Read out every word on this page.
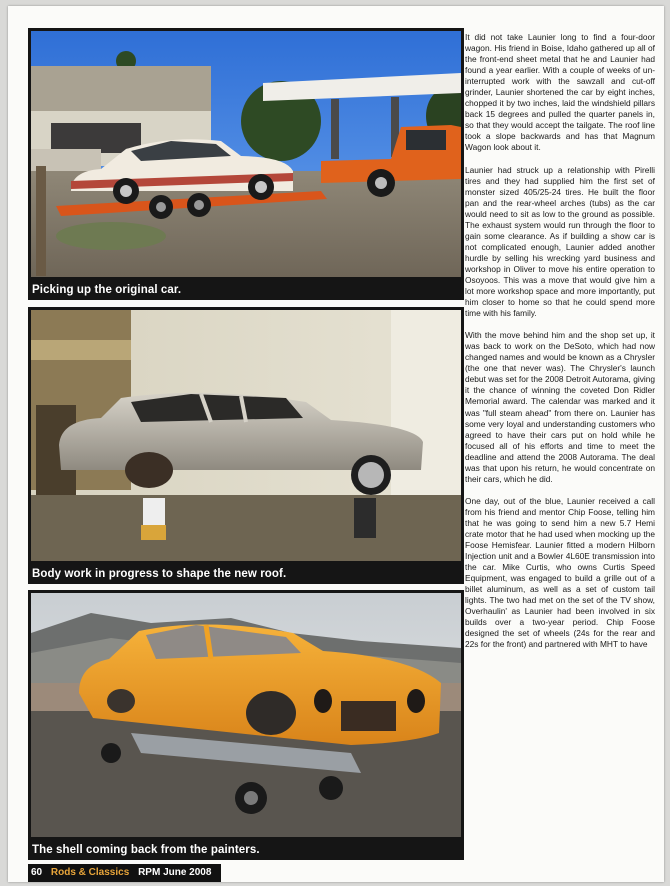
Picking up the original car.
Body work in progress to shape the new roof.
The shell coming back from the painters.

It did not take Launier long to find a four-door wagon. His friend in Boise, Idaho gathered up all of the front-end sheet metal that he and Launier had found a year earlier. With a couple of weeks of un-interrupted work with the sawzall and cut-off grinder, Launier shortened the car by eight inches, chopped it by two inches, laid the windshield pillars back 15 degrees and pulled the quarter panels in, so that they would accept the tailgate. The roof line took a slope backwards and has that Magnum Wagon look about it.

Launier had struck up a relationship with Pirelli tires and they had supplied him the first set of monster sized 405/25-24 tires. He built the floor pan and the rear-wheel arches (tubs) as the car would need to sit as low to the ground as possible. The exhaust system would run through the floor to gain some clearance. As if building a show car is not complicated enough, Launier added another hurdle by selling his wrecking yard business and workshop in Oliver to move his entire operation to Osoyoos. This was a move that would give him a lot more workshop space and more importantly, put him closer to home so that he could spend more time with his family.

With the move behind him and the shop set up, it was back to work on the DeSoto, which had now changed names and would be known as a Chrysler (the one that never was). The Chrysler's launch debut was set for the 2008 Detroit Autorama, giving it the chance of winning the coveted Don Ridler Memorial award. The calendar was marked and it was "full steam ahead" from there on. Launier has some very loyal and understanding customers who agreed to have their cars put on hold while he focused all of his efforts and time to meet the deadline and attend the 2008 Autorama. The deal was that upon his return, he would concentrate on their cars, which he did.

One day, out of the blue, Launier received a call from his friend and mentor Chip Foose, telling him that he was going to send him a new 5.7 Hemi crate motor that he had used when mocking up the Foose Hemisfear. Launier fitted a modern Hilborn Injection unit and a Bowler 4L60E transmission into the car. Mike Curtis, who owns Curtis Speed Equipment, was engaged to build a grille out of a billet aluminum, as well as a set of custom tail lights. The two had met on the set of the TV show, Overhaulin' as Launier had been involved in six builds over a two-year period. Chip Foose designed the set of wheels (24s for the rear and 22s for the front) and partnered with MHT to have

60 Rods & Classics RPM June 2008
